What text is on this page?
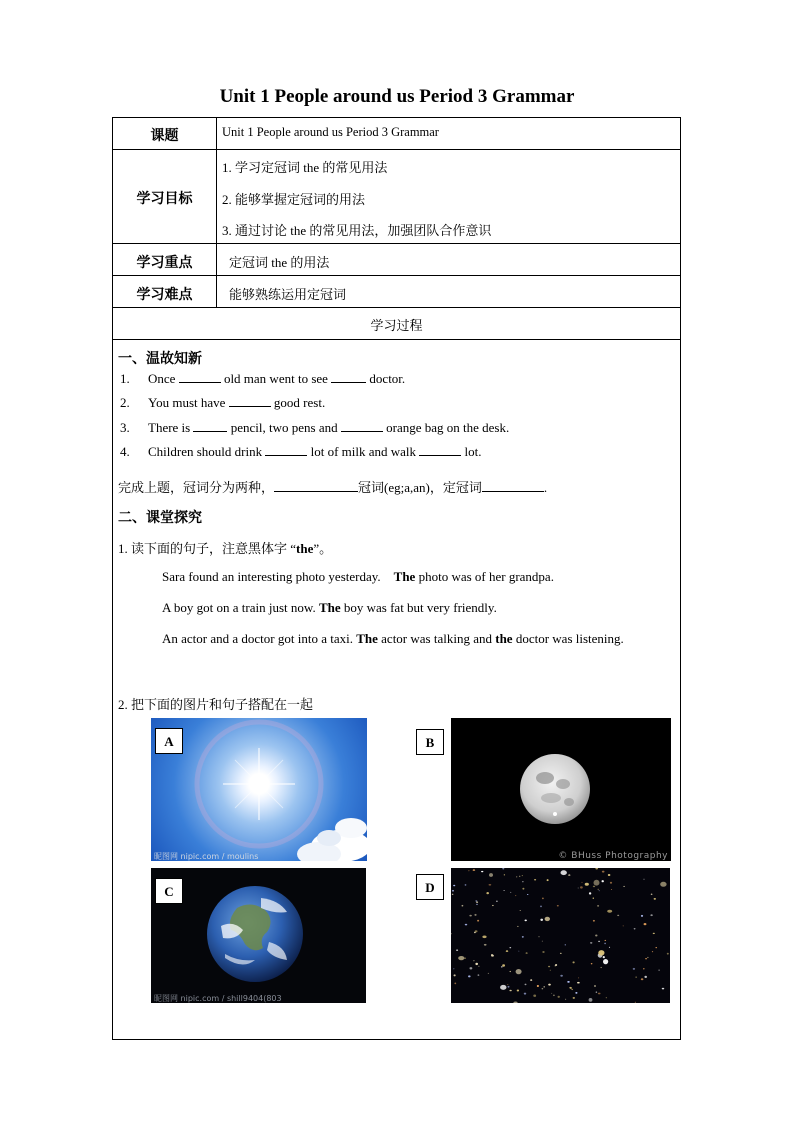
Unit 1 People around us Period 3 Grammar
课题	Unit 1 People around us Period 3 Grammar
学习目标
1. 学习定冠词 the 的常见用法
2. 能够掌握定冠词的用法
3. 通过讨论 the 的常见用法，加强团队合作意识
学习重点	定冠词 the 的用法
学习难点	能够熟练运用定冠词
学习过程
一、温故知新
1. Once	old man went to see	doctor.
2. You must have	good rest.
3. There is	pencil, two pens and	orange bag on the desk.
4. Children should drink	lot of milk and walk	lot.
完成上题，冠词分为两种，	冠词(eg;a,an)，定冠词	.
二、课堂探究
1. 读下面的句子，注意黑体字 “the”。
Sara found an interesting photo yesterday. The photo was of her grandpa.
A boy got on a train just now. The boy was fat but very friendly.
An actor and a doctor got into a taxi. The actor was talking and the doctor was listening.
2. 把下面的图片和句子搭配在一起
A
昵图网 nipic.com / moulins
B
© BHuss Photography
C
昵图网 nipic.com / shill9404(803
D
